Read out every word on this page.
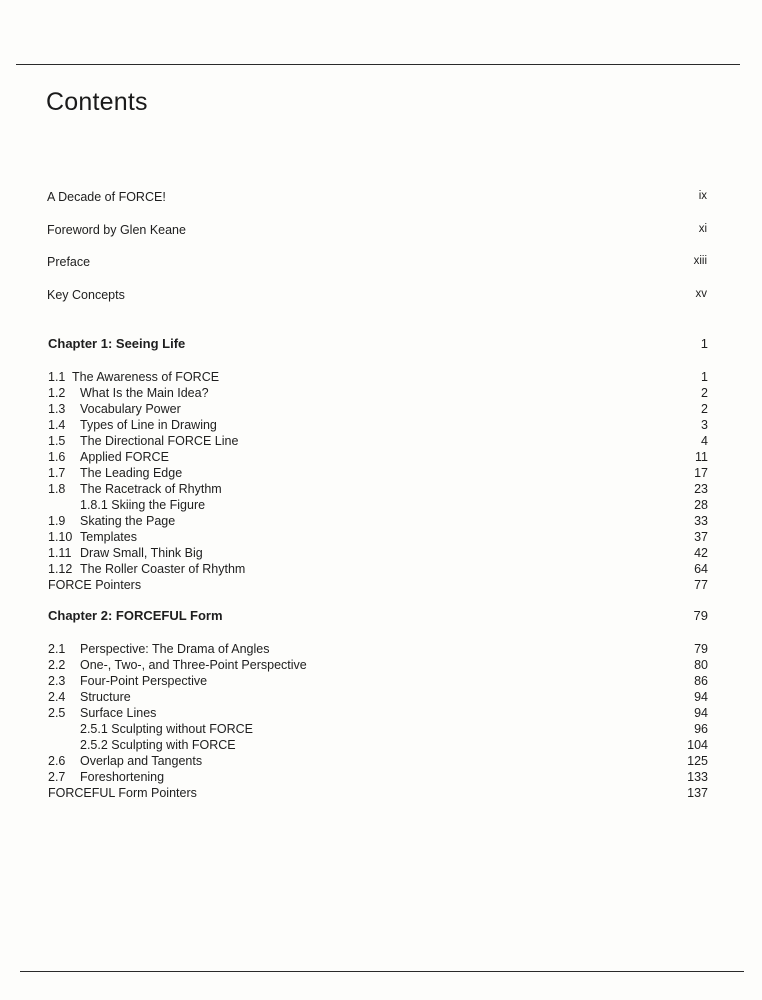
Contents
A Decade of FORCE!	ix
Foreword by Glen Keane	xi
Preface	xiii
Key Concepts	xv
Chapter 1: Seeing Life	1
1.1 The Awareness of FORCE	1
1.2 What Is the Main Idea?	2
1.3 Vocabulary Power	2
1.4 Types of Line in Drawing	3
1.5 The Directional FORCE Line	4
1.6 Applied FORCE	11
1.7 The Leading Edge	17
1.8 The Racetrack of Rhythm	23
1.8.1 Skiing the Figure	28
1.9 Skating the Page	33
1.10 Templates	37
1.11 Draw Small, Think Big	42
1.12 The Roller Coaster of Rhythm	64
FORCE Pointers	77
Chapter 2: FORCEFUL Form	79
2.1 Perspective: The Drama of Angles	79
2.2 One-, Two-, and Three-Point Perspective	80
2.3 Four-Point Perspective	86
2.4 Structure	94
2.5 Surface Lines	94
2.5.1 Sculpting without FORCE	96
2.5.2 Sculpting with FORCE	104
2.6 Overlap and Tangents	125
2.7 Foreshortening	133
FORCEFUL Form Pointers	137
